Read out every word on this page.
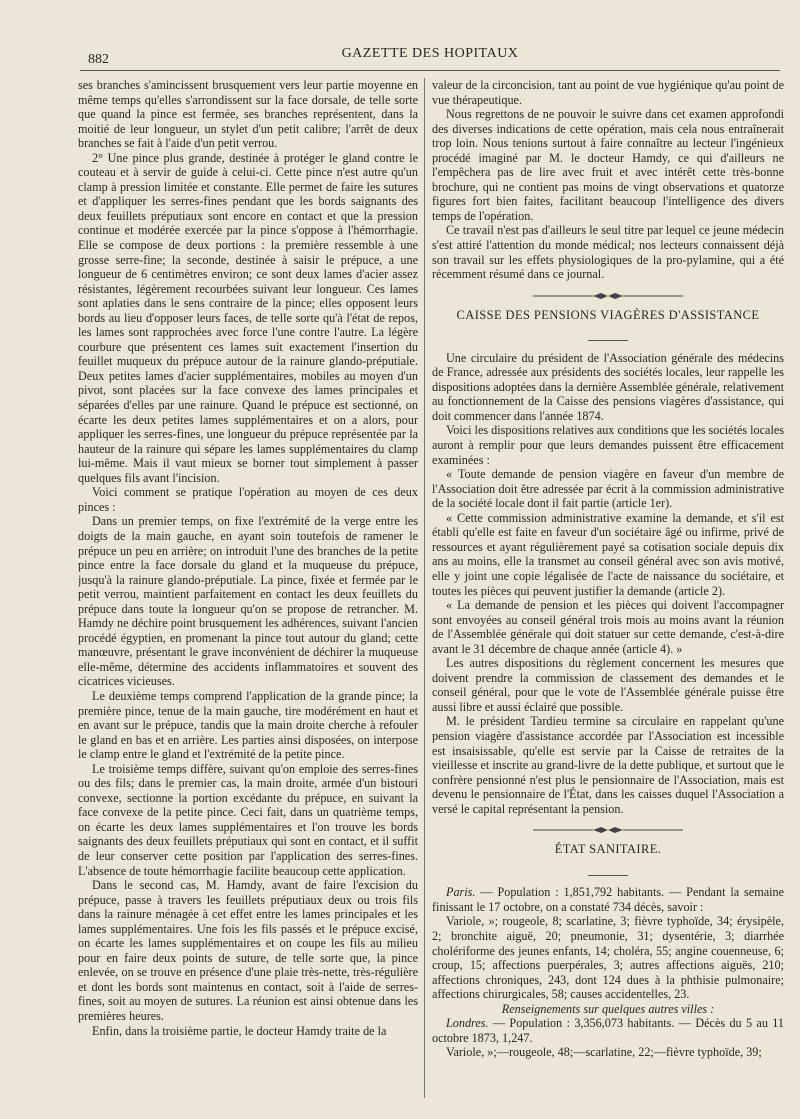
882	GAZETTE DES HOPITAUX

ses branches s'amincissent brusquement vers leur partie moyenne en même temps qu'elles s'arrondissent sur la face dorsale, de telle sorte que quand la pince est fermée, ses branches représentent, dans la moitié de leur longueur, un stylet d'un petit calibre; l'arrêt de deux branches se fait à l'aide d'un petit verrou.

2° Une pince plus grande, destinée à protéger le gland contre le couteau et à servir de guide à celui-ci. Cette pince n'est autre qu'un clamp à pression limitée et constante. Elle permet de faire les sutures et d'appliquer les serres-fines pendant que les bords saignants des deux feuillets préputiaux sont encore en contact et que la pression continue et modérée exercée par la pince s'oppose à l'hémorrhagie. Elle se compose de deux portions : la première ressemble à une grosse serre-fine; la seconde, destinée à saisir le prépuce, a une longueur de 6 centimètres environ; ce sont deux lames d'acier assez résistantes, légèrement recourbées suivant leur longueur. Ces lames sont aplaties dans le sens contraire de la pince; elles opposent leurs bords au lieu d'opposer leurs faces, de telle sorte qu'à l'état de repos, les lames sont rapprochées avec force l'une contre l'autre. La légère courbure que présentent ces lames suit exactement l'insertion du feuillet muqueux du prépuce autour de la rainure glando-préputiale. Deux petites lames d'acier supplémentaires, mobiles au moyen d'un pivot, sont placées sur la face convexe des lames principales et séparées d'elles par une rainure. Quand le prépuce est sectionné, on écarte les deux petites lames supplémentaires et on a alors, pour appliquer les serres-fines, une longueur du prépuce représentée par la hauteur de la rainure qui sépare les lames supplémentaires du clamp lui-même. Mais il vaut mieux se borner tout simplement à passer quelques fils avant l'incision.

Voici comment se pratique l'opération au moyen de ces deux pinces :

Dans un premier temps, on fixe l'extrémité de la verge entre les doigts de la main gauche, en ayant soin toutefois de ramener le prépuce un peu en arrière; on introduit l'une des branches de la petite pince entre la face dorsale du gland et la muqueuse du prépuce, jusqu'à la rainure glando-préputiale. La pince, fixée et fermée par le petit verrou, maintient parfaitement en contact les deux feuillets du prépuce dans toute la longueur qu'on se propose de retrancher. M. Hamdy ne déchire point brusquement les adhérences, suivant l'ancien procédé égyptien, en promenant la pince tout autour du gland; cette manœuvre, présentant le grave inconvénient de déchirer la muqueuse elle-même, détermine des accidents inflammatoires et souvent des cicatrices vicieuses.

Le deuxième temps comprend l'application de la grande pince; la première pince, tenue de la main gauche, tire modérément en haut et en avant sur le prépuce, tandis que la main droite cherche à refouler le gland en bas et en arrière. Les parties ainsi disposées, on interpose le clamp entre le gland et l'extrémité de la petite pince.

Le troisième temps diffère, suivant qu'on emploie des serres-fines ou des fils; dans le premier cas, la main droite, armée d'un bistouri convexe, sectionne la portion excédante du prépuce, en suivant la face convexe de la petite pince. Ceci fait, dans un quatrième temps, on écarte les deux lames supplémentaires et l'on trouve les bords saignants des deux feuillets préputiaux qui sont en contact, et il suffit de leur conserver cette position par l'application des serres-fines. L'absence de toute hémorrhagie facilite beaucoup cette application.

Dans le second cas, M. Hamdy, avant de faire l'excision du prépuce, passe à travers les feuillets préputiaux deux ou trois fils dans la rainure ménagée à cet effet entre les lames principales et les lames supplémentaires. Une fois les fils passés et le prépuce excisé, on écarte les lames supplémentaires et on coupe les fils au milieu pour en faire deux points de suture, de telle sorte que, la pince enlevée, on se trouve en présence d'une plaie très-nette, très-régulière et dont les bords sont maintenus en contact, soit à l'aide de serres-fines, soit au moyen de sutures. La réunion est ainsi obtenue dans les premières heures.

Enfin, dans la troisième partie, le docteur Hamdy traite de la

valeur de la circoncision, tant au point de vue hygiénique qu'au point de vue thérapeutique.

Nous regrettons de ne pouvoir le suivre dans cet examen approfondi des diverses indications de cette opération, mais cela nous entraînerait trop loin. Nous tenions surtout à faire connaître au lecteur l'ingénieux procédé imaginé par M. le docteur Hamdy, ce qui d'ailleurs ne l'empêchera pas de lire avec fruit et avec intérêt cette très-bonne brochure, qui ne contient pas moins de vingt observations et quatorze figures fort bien faites, facilitant beaucoup l'intelligence des divers temps de l'opération.

Ce travail n'est pas d'ailleurs le seul titre par lequel ce jeune médecin s'est attiré l'attention du monde médical; nos lecteurs connaissent déjà son travail sur les effets physiologiques de la pro-pylamine, qui a été récemment résumé dans ce journal.

CAISSE DES PENSIONS VIAGÈRES D'ASSISTANCE

Une circulaire du président de l'Association générale des médecins de France, adressée aux présidents des sociétés locales, leur rappelle les dispositions adoptées dans la dernière Assemblée générale, relativement au fonctionnement de la Caisse des pensions viagères d'assistance, qui doit commencer dans l'année 1874.

Voici les dispositions relatives aux conditions que les sociétés locales auront à remplir pour que leurs demandes puissent être efficacement examinées :

« Toute demande de pension viagère en faveur d'un membre de l'Association doit être adressée par écrit à la commission administrative de la société locale dont il fait partie (article 1er).

« Cette commission administrative examine la demande, et s'il est établi qu'elle est faite en faveur d'un sociétaire âgé ou infirme, privé de ressources et ayant régulièrement payé sa cotisation sociale depuis dix ans au moins, elle la transmet au conseil général avec son avis motivé, elle y joint une copie légalisée de l'acte de naissance du sociétaire, et toutes les pièces qui peuvent justifier la demande (article 2).

« La demande de pension et les pièces qui doivent l'accompagner sont envoyées au conseil général trois mois au moins avant la réunion de l'Assemblée générale qui doit statuer sur cette demande, c'est-à-dire avant le 31 décembre de chaque année (article 4). »

Les autres dispositions du règlement concernent les mesures que doivent prendre la commission de classement des demandes et le conseil général, pour que le vote de l'Assemblée générale puisse être aussi libre et aussi éclairé que possible.

M. le président Tardieu termine sa circulaire en rappelant qu'une pension viagère d'assistance accordée par l'Association est incessible est insaisissable, qu'elle est servie par la Caisse de retraites de la vieillesse et inscrite au grand-livre de la dette publique, et surtout que le confrère pensionné n'est plus le pensionnaire de l'Association, mais est devenu le pensionnaire de l'État, dans les caisses duquel l'Association a versé le capital représentant la pension.

ÉTAT SANITAIRE.

Paris. — Population : 1,851,792 habitants. — Pendant la semaine finissant le 17 octobre, on a constaté 734 décès, savoir :

Variole, »; rougeole, 8; scarlatine, 3; fièvre typhoïde, 34; érysipèle, 2; bronchite aiguë, 20; pneumonie, 31; dysentérie, 3; diarrhée cholériforme des jeunes enfants, 14; choléra, 55; angine couenneuse, 6; croup, 15; affections puerpérales, 3; autres affections aiguës, 210; affections chroniques, 243, dont 124 dues à la phthisie pulmonaire; affections chirurgicales, 58; causes accidentelles, 23.

Renseignements sur quelques autres villes :

Londres. — Population : 3,356,073 habitants. — Décès du 5 au 11 octobre 1873, 1,247.

Variole, »;—rougeole, 48;—scarlatine, 22;—fièvre typhoïde, 39;
